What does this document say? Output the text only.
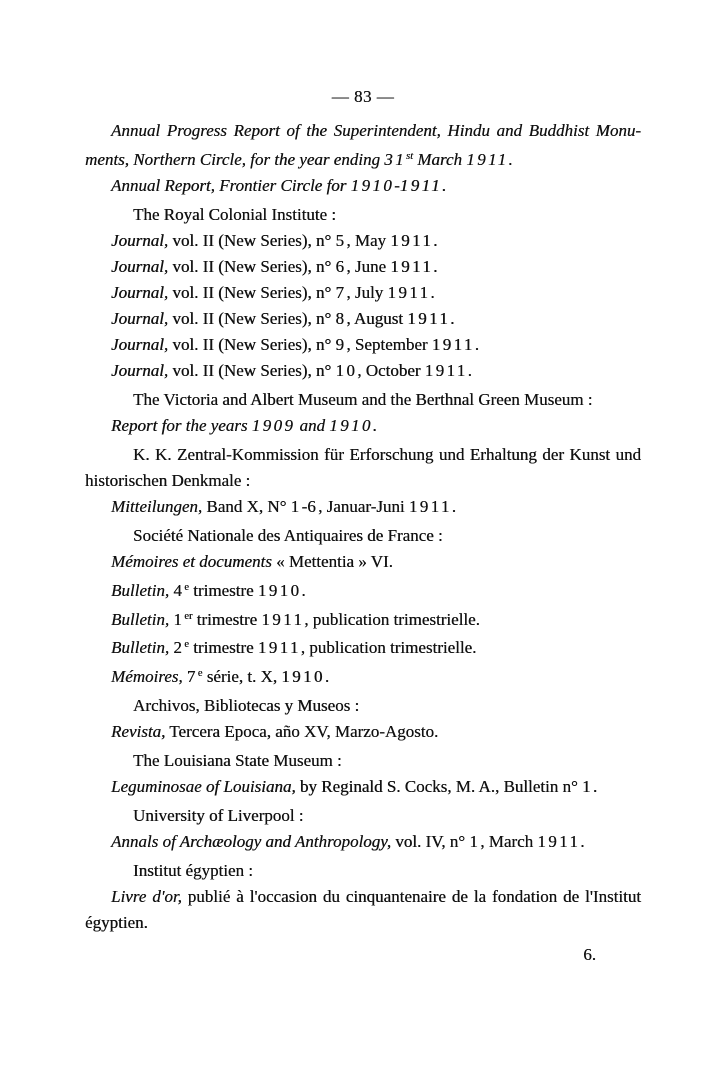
— 83 —

Annual Progress Report of the Superintendent, Hindu and Buddhist Monuments, Northern Circle, for the year ending 31st March 1911.

Annual Report, Frontier Circle for 1910-1911.

The Royal Colonial Institute :

Journal, vol. II (New Series), n° 5, May 1911.

Journal, vol. II (New Series), n° 6, June 1911.

Journal, vol. II (New Series), n° 7, July 1911.

Journal, vol. II (New Series), n° 8, August 1911.

Journal, vol. II (New Series), n° 9, September 1911.

Journal, vol. II (New Series), n° 10, October 1911.

The Victoria and Albert Museum and the Berthnal Green Museum :

Report for the years 1909 and 1910.

K. K. Zentral-Kommission für Erforschung und Erhaltung der Kunst und historischen Denkmale :

Mitteilungen, Band X, N° 1-6, Januar-Juni 1911.

Société Nationale des Antiquaires de France :

Mémoires et documents « Mettentia » VI.

Bulletin, 4e trimestre 1910.

Bulletin, 1er trimestre 1911, publication trimestrielle.

Bulletin, 2e trimestre 1911, publication trimestrielle.

Mémoires, 7e série, t. X, 1910.

Archivos, Bibliotecas y Museos :

Revista, Tercera Epoca, año XV, Marzo-Agosto.

The Louisiana State Museum :

Leguminosae of Louisiana, by Reginald S. Cocks, M. A., Bulletin n° 1.

University of Liverpool :

Annals of Archæology and Anthropology, vol. IV, n° 1, March 1911.

Institut égyptien :

Livre d'or, publié à l'occasion du cinquantenaire de la fondation de l'Institut égyptien.

6.
